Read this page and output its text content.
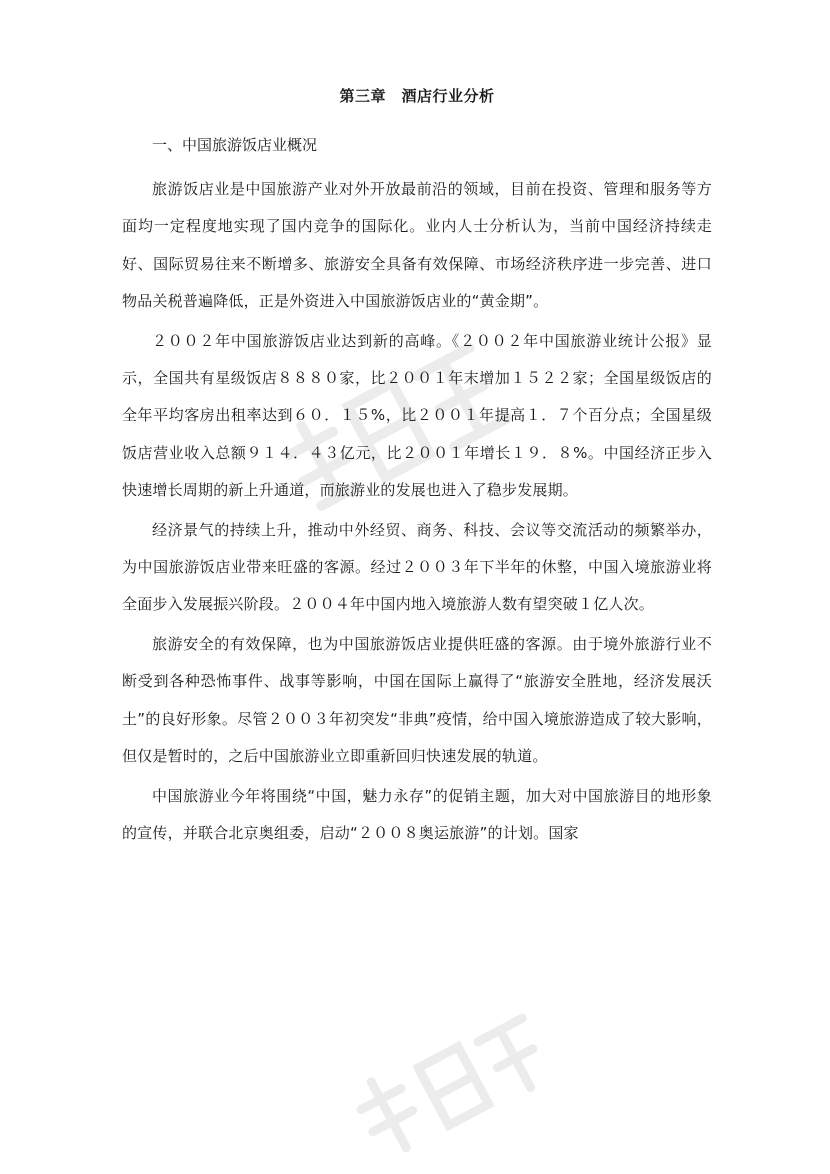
第三章　酒店行业分析
一、中国旅游饭店业概况

旅游饭店业是中国旅游产业对外开放最前沿的领域，目前在投资、管理和服务等方面均一定程度地实现了国内竞争的国际化。业内人士分析认为，当前中国经济持续走好、国际贸易往来不断增多、旅游安全具备有效保障、市场经济秩序进一步完善、进口物品关税普遍降低，正是外资进入中国旅游饭店业的“黄金期”。

２００２年中国旅游饭店业达到新的高峰。《２００２年中国旅游业统计公报》显示，全国共有星级饭店８８８０家，比２００１年末增加１５２２家；全国星级饭店的全年平均客房出租率达到６０．１５%，比２００１年提高１．７个百分点；全国星级饭店营业收入总额９１４．４３亿元，比２００１年增长１９．８%。中国经济正步入快速增长周期的新上升通道，而旅游业的发展也进入了稳步发展期。

经济景气的持续上升，推动中外经贸、商务、科技、会议等交流活动的频繁举办，为中国旅游饭店业带来旺盛的客源。经过２００３年下半年的休整，中国入境旅游业将全面步入发展振兴阶段。２００４年中国内地入境旅游人数有望突破１亿人次。

旅游安全的有效保障，也为中国旅游饭店业提供旺盛的客源。由于境外旅游行业不断受到各种恐怖事件、战事等影响，中国在国际上赢得了“旅游安全胜地，经济发展沃土”的良好形象。尽管２００３年初突发“非典”疫情，给中国入境旅游造成了较大影响，但仅是暂时的，之后中国旅游业立即重新回归快速发展的轨道。

中国旅游业今年将围绕“中国，魅力永存”的促销主题，加大对中国旅游目的地形象的宣传，并联合北京奥组委，启动“２００８奥运旅游”的计划。国家
